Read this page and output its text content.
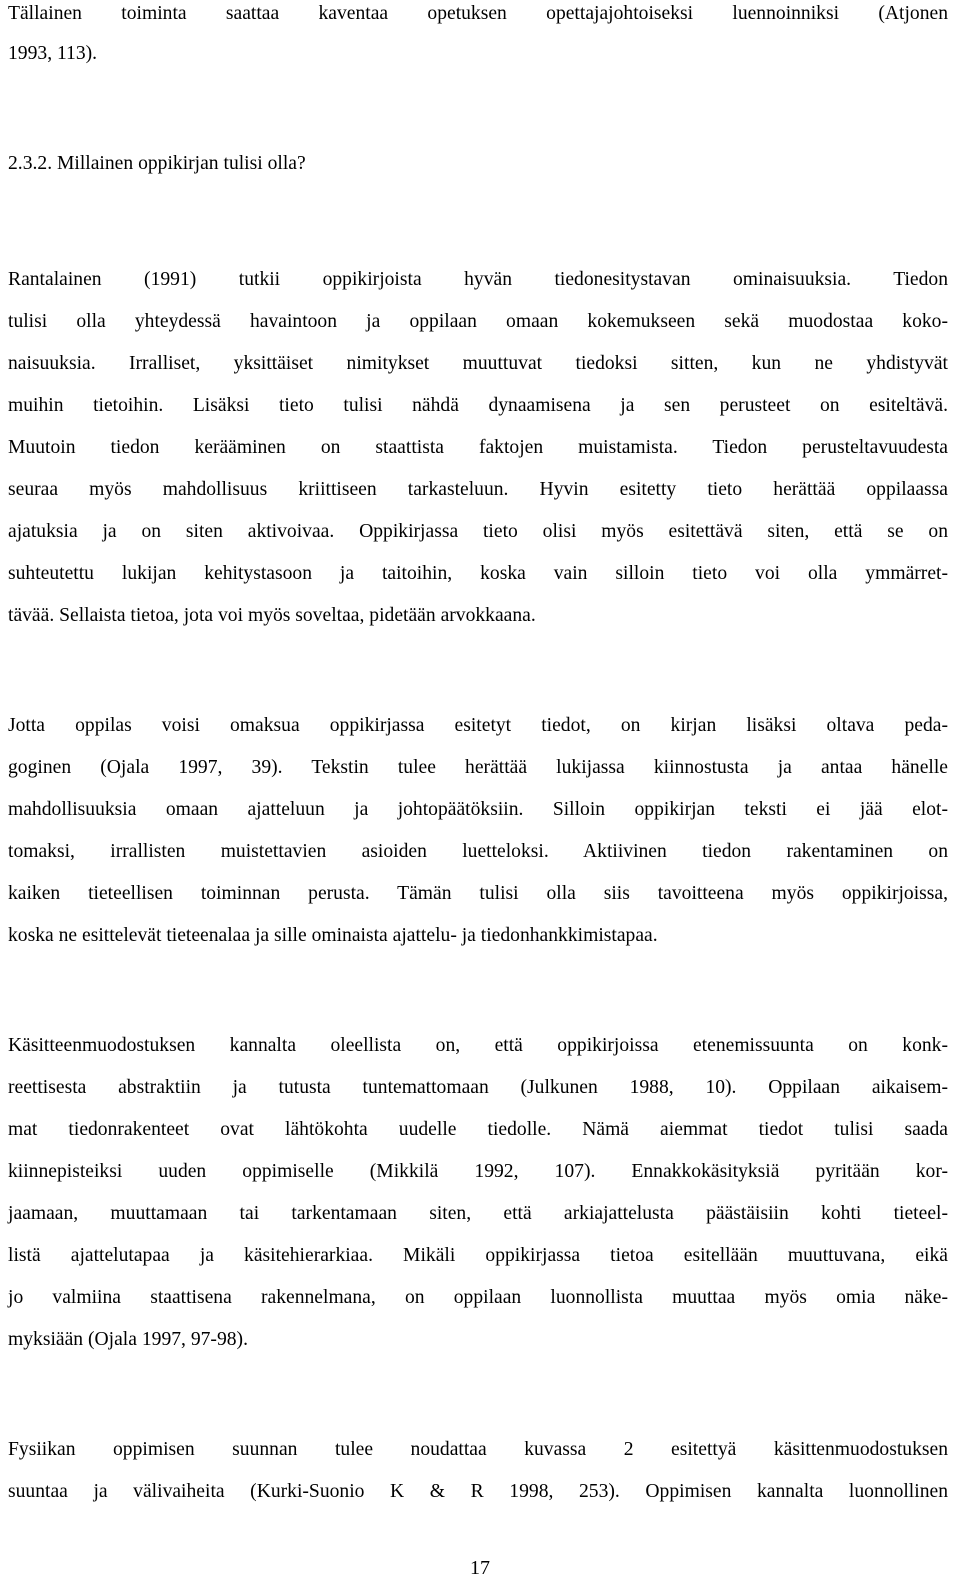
Tällainen toiminta saattaa kaventaa opetuksen opettajajohtoiseksi luennoinniksi (Atjonen

1993, 113).

2.3.2. Millainen oppikirjan tulisi olla?

Rantalainen (1991) tutkii oppikirjoista hyvän tiedonesitystavan ominaisuuksia. Tiedon

tulisi olla yhteydessä havaintoon ja oppilaan omaan kokemukseen sekä muodostaa koko-

naisuuksia. Irralliset, yksittäiset nimitykset muuttuvat tiedoksi sitten, kun ne yhdistyvät

muihin tietoihin. Lisäksi tieto tulisi nähdä dynaamisena ja sen perusteet on esiteltävä.

Muutoin tiedon kerääminen on staattista faktojen muistamista. Tiedon perusteltavuudesta

seuraa myös mahdollisuus kriittiseen tarkasteluun. Hyvin esitetty tieto herättää oppilaassa

ajatuksia ja on siten aktivoivaa. Oppikirjassa tieto olisi myös esitettävä siten, että se on

suhteutettu lukijan kehitystasoon ja taitoihin, koska vain silloin tieto voi olla ymmärret-

tävää. Sellaista tietoa, jota voi myös soveltaa, pidetään arvokkaana.

Jotta oppilas voisi omaksua oppikirjassa esitetyt tiedot, on kirjan lisäksi oltava peda-

goginen (Ojala 1997, 39). Tekstin tulee herättää lukijassa kiinnostusta ja antaa hänelle

mahdollisuuksia omaan ajatteluun ja johtopäätöksiin. Silloin oppikirjan teksti ei jää elot-

tomaksi, irrallisten muistettavien asioiden luetteloksi. Aktiivinen tiedon rakentaminen on

kaiken tieteellisen toiminnan perusta. Tämän tulisi olla siis tavoitteena myös oppikirjoissa,

koska ne esittelevät tieteenalaa ja sille ominaista ajattelu- ja tiedonhankkimistapaa.

Käsitteenmuodostuksen kannalta oleellista on, että oppikirjoissa etenemissuunta on konk-

reettisesta abstraktiin ja tutusta tuntemattomaan (Julkunen 1988, 10). Oppilaan aikaisem-

mat tiedonrakenteet ovat lähtökohta uudelle tiedolle. Nämä aiemmat tiedot tulisi saada

kiinnepisteiksi uuden oppimiselle (Mikkilä 1992, 107). Ennakkokäsityksiä pyritään kor-

jaamaan, muuttamaan tai tarkentamaan siten, että arkiajattelusta päästäisiin kohti tieteel-

listä ajattelutapaa ja käsitehierarkiaa. Mikäli oppikirjassa tietoa esitellään muuttuvana, eikä

jo valmiina staattisena rakennelmana, on oppilaan luonnollista muuttaa myös omia näke-

myksiään (Ojala 1997, 97-98).

Fysiikan oppimisen suunnan tulee noudattaa kuvassa 2 esitettyä käsittenmuodostuksen

suuntaa ja välivaiheita (Kurki-Suonio K & R 1998, 253). Oppimisen kannalta luonnollinen

17
